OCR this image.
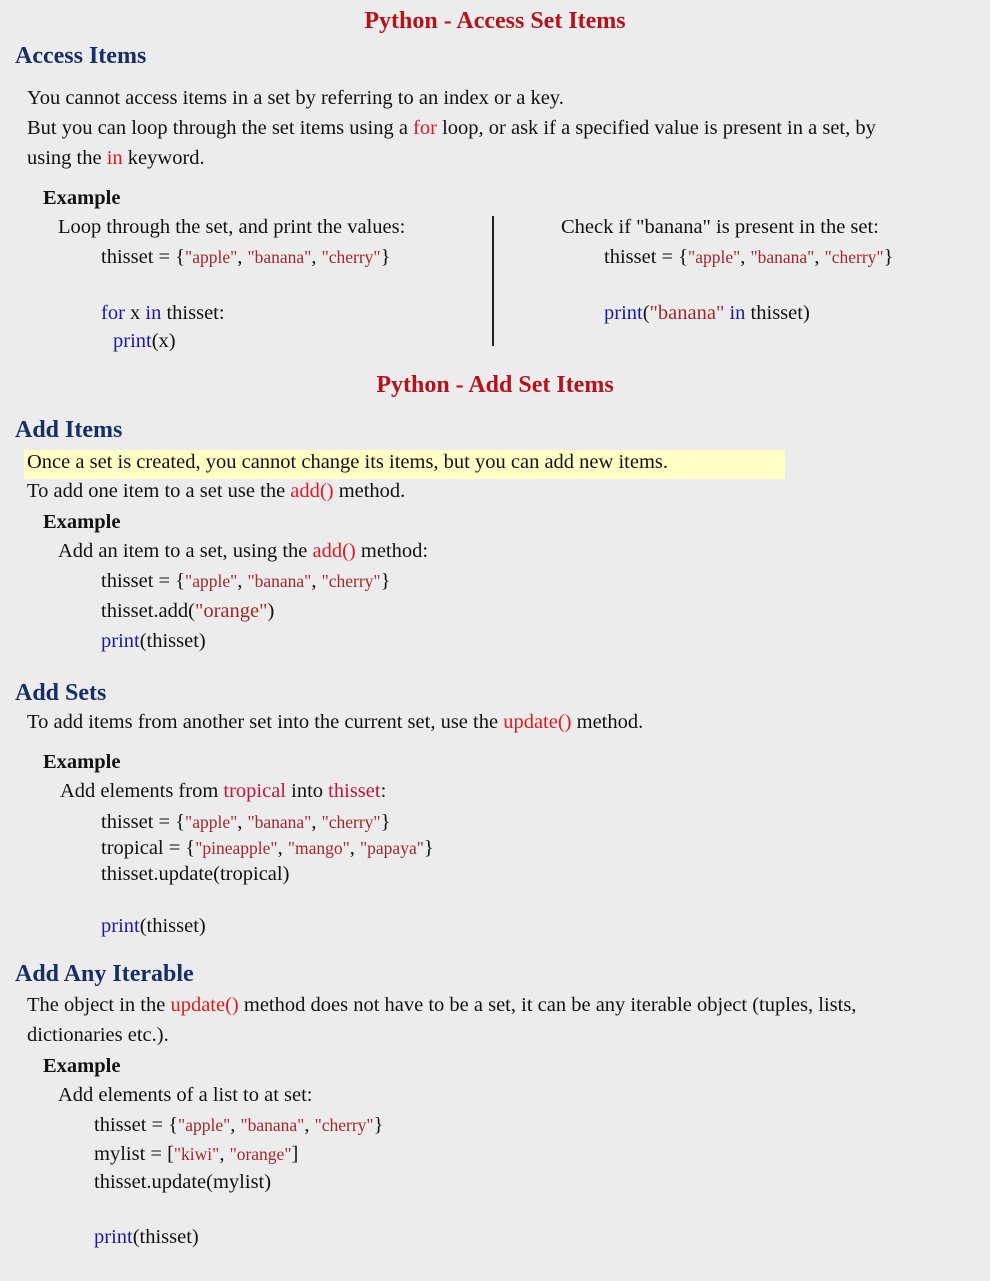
Python - Access Set Items
Access Items
You cannot access items in a set by referring to an index or a key.
But you can loop through the set items using a for loop, or ask if a specified value is present in a set, by
using the in keyword.
Example
Loop through the set, and print the values:
thisset = {"apple", "banana", "cherry"}
for x in thisset:
print(x)
Check if "banana" is present in the set:
thisset = {"apple", "banana", "cherry"}
print("banana" in thisset)
Python - Add Set Items
Add Items
Once a set is created, you cannot change its items, but you can add new items.
To add one item to a set use the add() method.
Example
Add an item to a set, using the add() method:
thisset = {"apple", "banana", "cherry"}
thisset.add("orange")
print(thisset)
Add Sets
To add items from another set into the current set, use the update() method.
Example
Add elements from tropical into thisset:
thisset = {"apple", "banana", "cherry"}
tropical = {"pineapple", "mango", "papaya"}
thisset.update(tropical)
print(thisset)
Add Any Iterable
The object in the update() method does not have to be a set, it can be any iterable object (tuples, lists,
dictionaries etc.).
Example
Add elements of a list to at set:
thisset = {"apple", "banana", "cherry"}
mylist = ["kiwi", "orange"]
thisset.update(mylist)
print(thisset)
